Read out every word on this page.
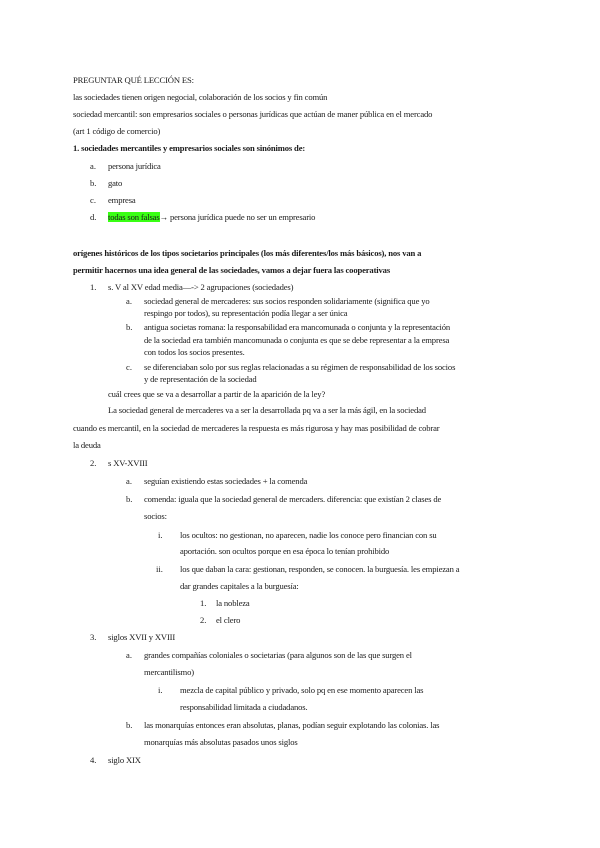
PREGUNTAR QUÉ LECCIÓN ES:
las sociedades tienen origen negocial, colaboración de los socios y fin común
sociedad mercantil: son empresarios sociales o personas jurídicas que actúan de maner pública en el mercado
(art 1 código de comercio)
1. sociedades mercantiles y empresarios sociales son sinónimos de:
a. persona jurídica
b. gato
c. empresa
d. todas son falsas→ persona jurídica puede no ser un empresario
orígenes históricos de los tipos societarios principales (los más diferentes/los más básicos), nos van a
permitir hacernos una idea general de las sociedades, vamos a dejar fuera las cooperativas
1. s. V al XV edad media—-> 2 agrupaciones (sociedades)
a. sociedad general de mercaderes: sus socios responden solidariamente (significa que yo
respingo por todos), su representación podía llegar a ser única
b. antigua societas romana: la responsabilidad era mancomunada o conjunta y la representación
de la sociedad era también mancomunada o conjunta es que se debe representar a la empresa
con todos los socios presentes.
c. se diferenciaban solo por sus reglas relacionadas a su régimen de responsabilidad de los socios
y de representación de la sociedad
cuál crees que se va a desarrollar a partir de la aparición de la ley?
La sociedad general de mercaderes va a ser la desarrollada pq va a ser la más ágil, en la sociedad
cuando es mercantil, en la sociedad de mercaderes la respuesta es más rigurosa y hay mas posibilidad de cobrar
la deuda
2. s XV-XVIII
a. seguían existiendo estas sociedades + la comenda
b. comenda: iguala que la sociedad general de mercaders. diferencia: que existían 2 clases de
socios:
i. los ocultos: no gestionan, no aparecen, nadie los conoce pero financian con su
aportación. son ocultos porque en esa época lo tenían prohibido
ii. los que daban la cara: gestionan, responden, se conocen. la burguesía. les empiezan a
dar grandes capitales a la burguesía:
1. la nobleza
2. el clero
3. siglos XVII y XVIII
a. grandes compañías coloniales o societarias (para algunos son de las que surgen el
mercantilismo)
i. mezcla de capital público y privado, solo pq en ese momento aparecen las
responsabilidad limitada a ciudadanos.
b. las monarquías entonces eran absolutas, planas, podían seguir explotando las colonias. las
monarquías más absolutas pasados unos siglos
4. siglo XIX
